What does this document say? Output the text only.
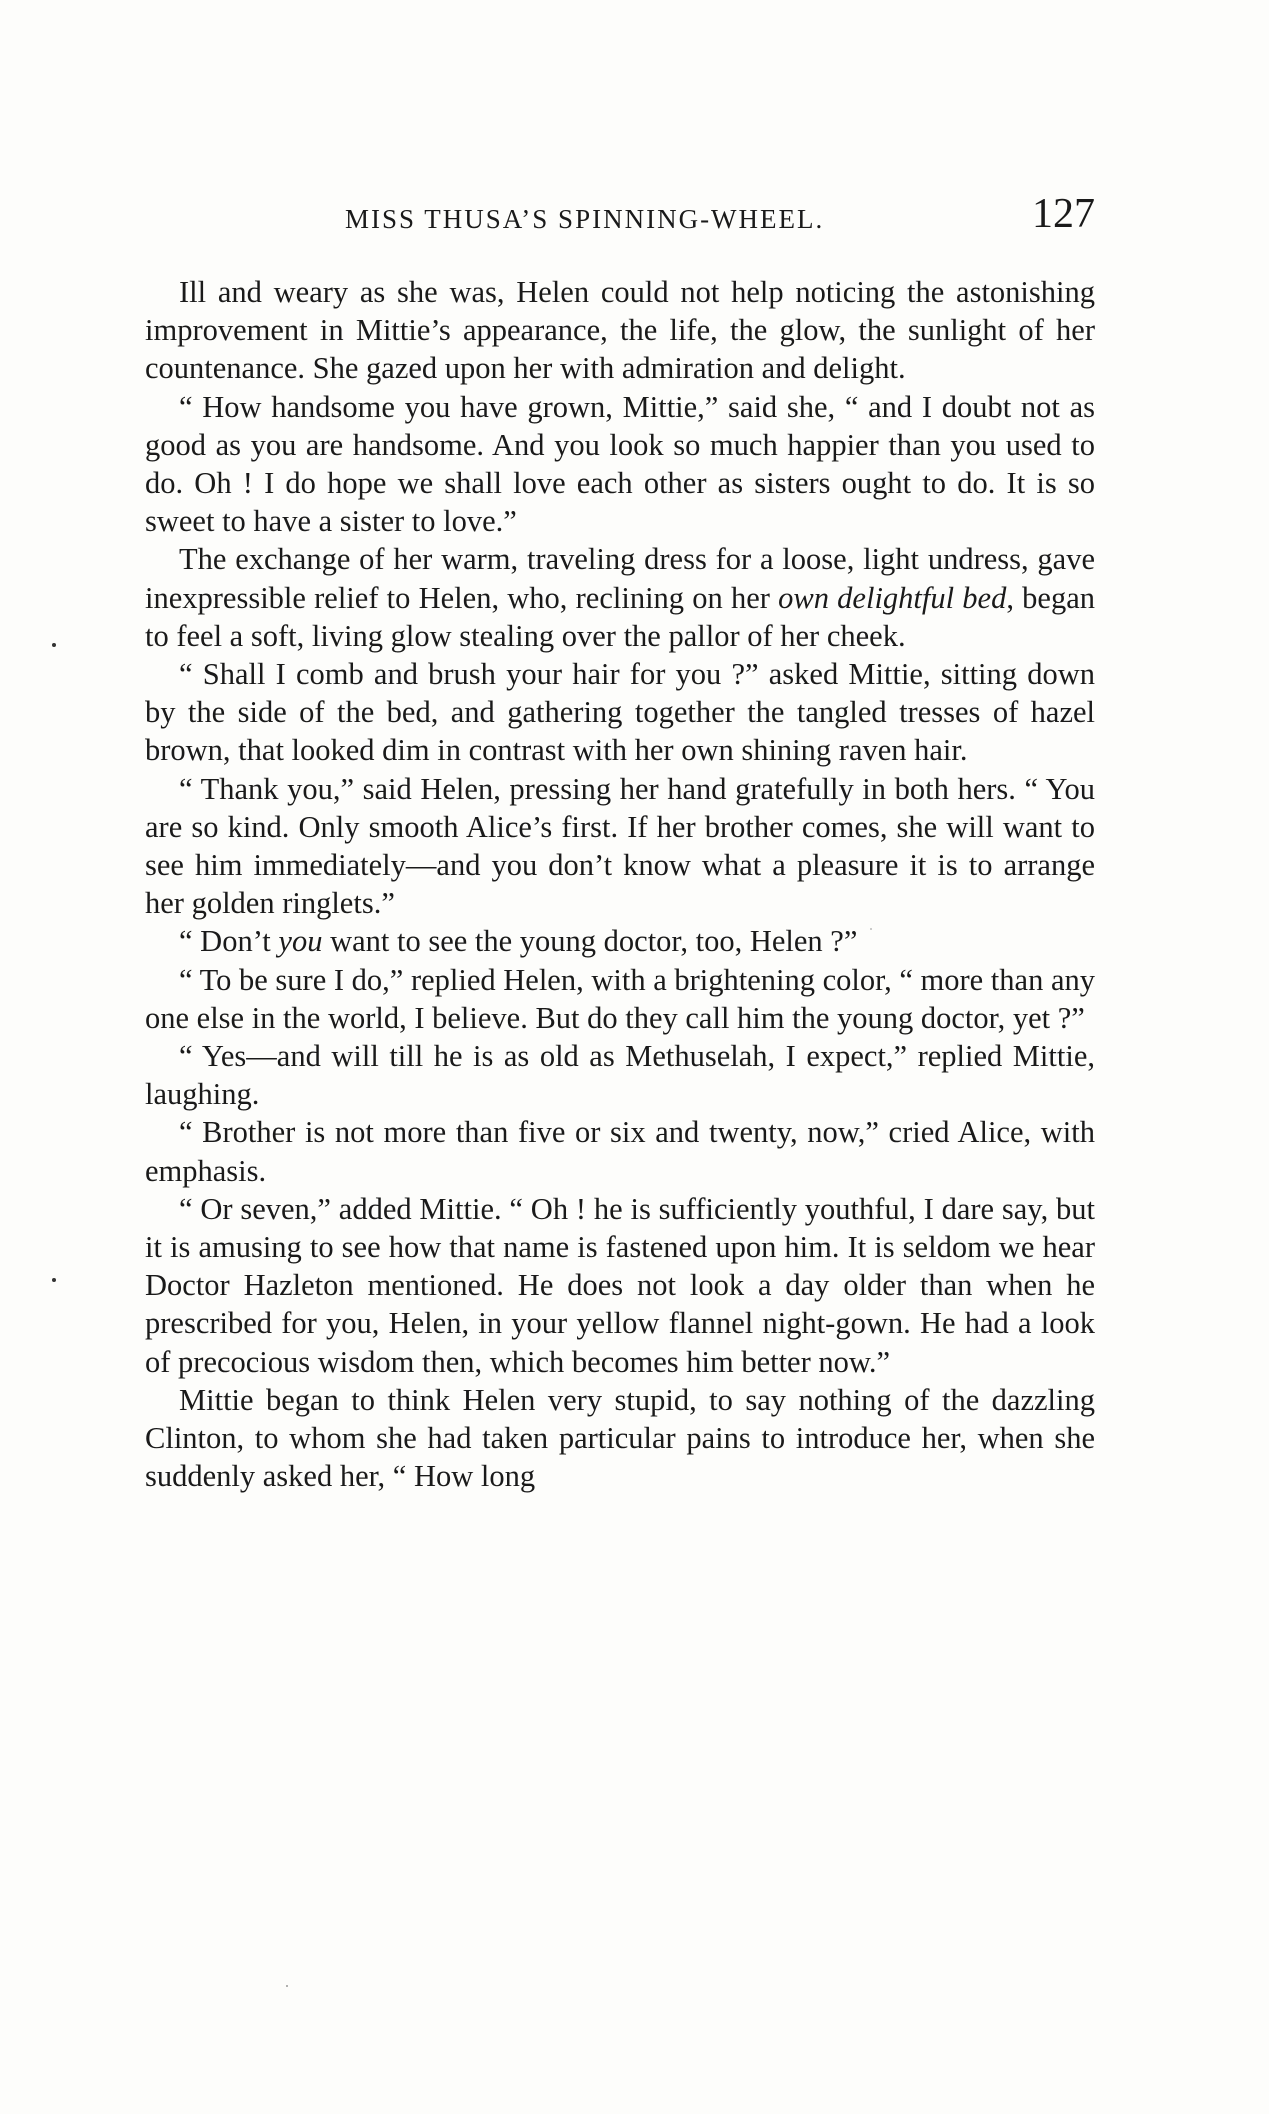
MISS THUSA’S SPINNING-WHEEL.	127

Ill and weary as she was, Helen could not help noticing the astonishing improvement in Mittie’s appearance, the life, the glow, the sunlight of her countenance. She gazed upon her with admiration and delight.

“ How handsome you have grown, Mittie,” said she, “ and I doubt not as good as you are handsome. And you look so much happier than you used to do. Oh ! I do hope we shall love each other as sisters ought to do. It is so sweet to have a sister to love.”

The exchange of her warm, traveling dress for a loose, light undress, gave inexpressible relief to Helen, who, reclining on her own delightful bed, began to feel a soft, living glow stealing over the pallor of her cheek.

“ Shall I comb and brush your hair for you ?” asked Mittie, sitting down by the side of the bed, and gathering together the tangled tresses of hazel brown, that looked dim in contrast with her own shining raven hair.

“ Thank you,” said Helen, pressing her hand gratefully in both hers. “ You are so kind. Only smooth Alice’s first. If her brother comes, she will want to see him immediately—and you don’t know what a pleasure it is to arrange her golden ringlets.”

“ Don’t you want to see the young doctor, too, Helen ?”

“ To be sure I do,” replied Helen, with a brightening color, “ more than any one else in the world, I believe. But do they call him the young doctor, yet ?”

“ Yes—and will till he is as old as Methuselah, I expect,” replied Mittie, laughing.

“ Brother is not more than five or six and twenty, now,” cried Alice, with emphasis.

“ Or seven,” added Mittie. “ Oh ! he is sufficiently youthful, I dare say, but it is amusing to see how that name is fastened upon him. It is seldom we hear Doctor Hazleton mentioned. He does not look a day older than when he prescribed for you, Helen, in your yellow flannel night-gown. He had a look of precocious wisdom then, which becomes him better now.”

Mittie began to think Helen very stupid, to say nothing of the dazzling Clinton, to whom she had taken particular pains to introduce her, when she suddenly asked her, “ How long
